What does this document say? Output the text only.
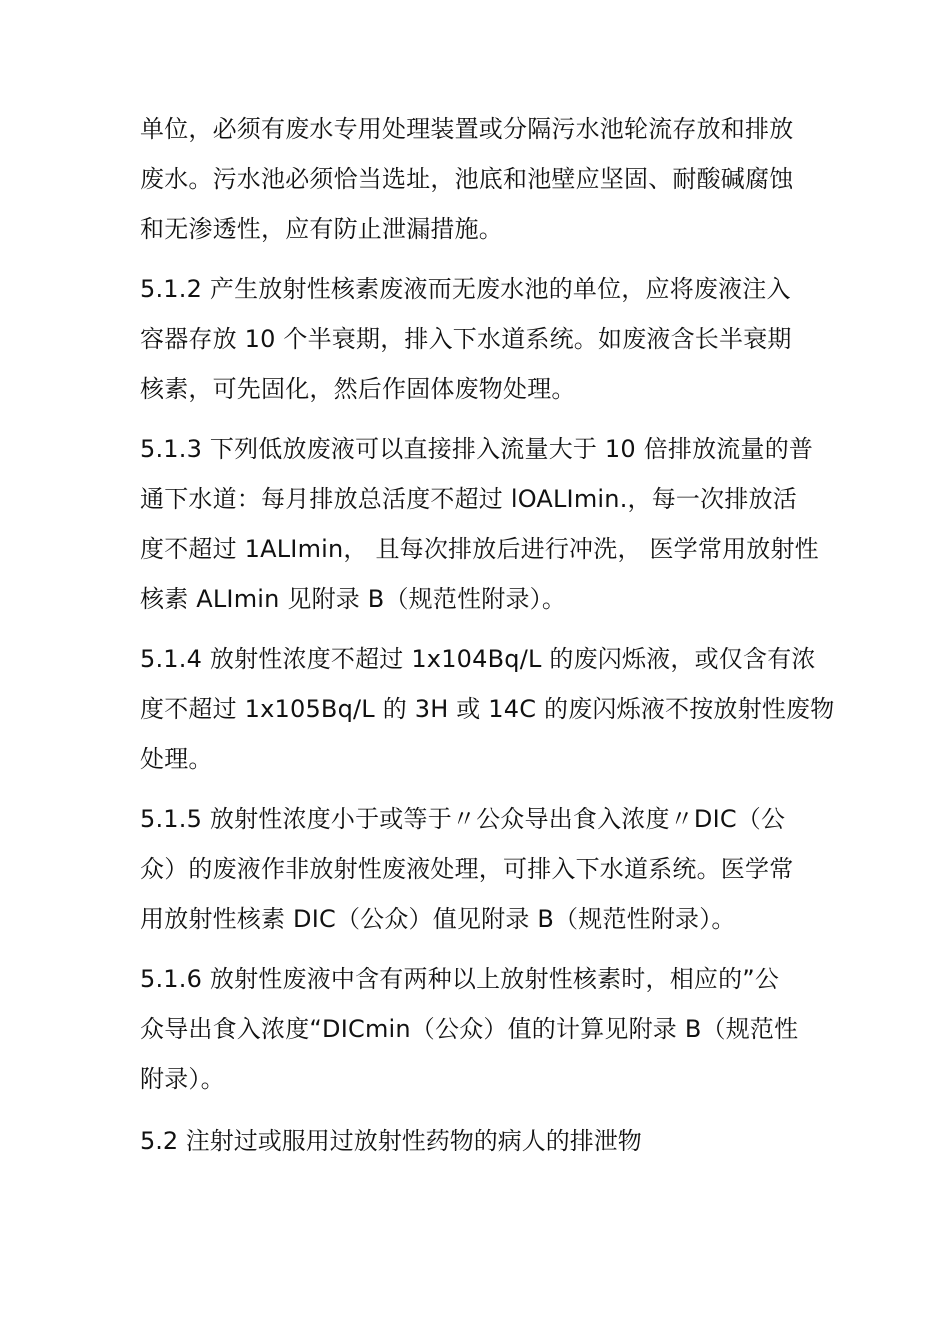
单位，必须有废水专用处理装置或分隔污水池轮流存放和排放
废水。污水池必须恰当选址，池底和池壁应坚固、耐酸碱腐蚀
和无渗透性，应有防止泄漏措施。
5.1.2 产生放射性核素废液而无废水池的单位，应将废液注入
容器存放 10 个半衰期，排入下水道系统。如废液含长半衰期
核素，可先固化，然后作固体废物处理。
5.1.3 下列低放废液可以直接排入流量大于 10 倍排放流量的普
通下水道：每月排放总活度不超过 lOALImin.，每一次排放活
度不超过 1ALImin， 且每次排放后进行冲洗， 医学常用放射性
核素 ALImin 见附录 B（规范性附录）。
5.1.4 放射性浓度不超过 1x104Bq/L 的废闪烁液，或仅含有浓
度不超过 1x105Bq/L 的 3H 或 14C 的废闪烁液不按放射性废物
处理。
5.1.5 放射性浓度小于或等于〃公众导出食入浓度〃DIC（公
众）的废液作非放射性废液处理，可排入下水道系统。医学常
用放射性核素 DIC（公众）值见附录 B（规范性附录）。
5.1.6 放射性废液中含有两种以上放射性核素时，相应的”公
众导出食入浓度“DICmin（公众）值的计算见附录 B（规范性
附录）。
5.2 注射过或服用过放射性药物的病人的排泄物
